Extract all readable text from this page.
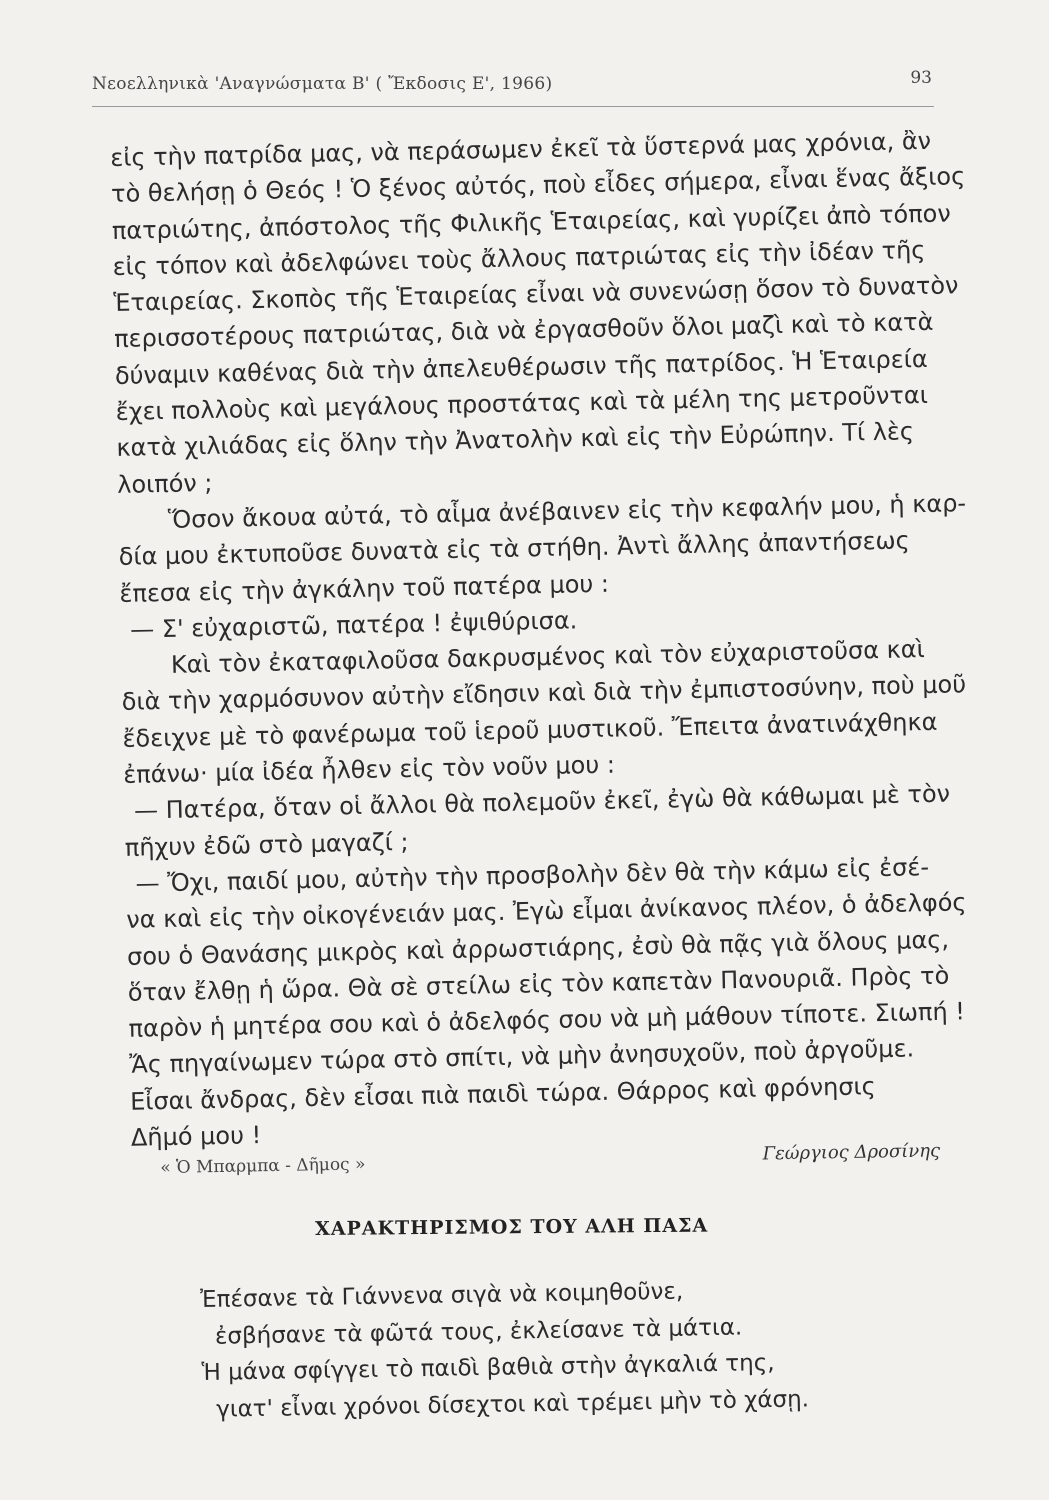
Νεοελληνικὰ 'Αναγνώσματα Β' ( Ἔκδοσις Ε', 1966)	93
εἰς τὴν πατρίδα μας, νὰ περάσωμεν ἐκεῖ τὰ ὕστερνά μας χρόνια, ἂν
τὸ θελήσῃ ὁ Θεός ! Ὁ ξένος αὐτός, ποὺ εἶδες σήμερα, εἶναι ἕνας ἄξιος
πατριώτης, ἀπόστολος τῆς Φιλικῆς Ἑταιρείας, καὶ γυρίζει ἀπὸ τόπον
εἰς τόπον καὶ ἀδελφώνει τοὺς ἄλλους πατριώτας εἰς τὴν ἰδέαν τῆς
Ἑταιρείας. Σκοπὸς τῆς Ἑταιρείας εἶναι νὰ συνενώσῃ ὅσον τὸ δυνατὸν
περισσοτέρους πατριώτας, διὰ νὰ ἐργασθοῦν ὅλοι μαζὶ καὶ τὸ κατὰ
δύναμιν καθένας διὰ τὴν ἀπελευθέρωσιν τῆς πατρίδος. Ἡ Ἑταιρεία
ἔχει πολλοὺς καὶ μεγάλους προστάτας καὶ τὰ μέλη της μετροῦνται
κατὰ χιλιάδας εἰς ὅλην τὴν Ἀνατολὴν καὶ εἰς τὴν Εὐρώπην. Τί λὲς
λοιπόν ;
Ὅσον ἄκουα αὐτά, τὸ αἷμα ἀνέβαινεν εἰς τὴν κεφαλήν μου, ἡ καρ-
δία μου ἐκτυποῦσε δυνατὰ εἰς τὰ στήθη. Ἀντὶ ἄλλης ἀπαντήσεως
ἔπεσα εἰς τὴν ἀγκάλην τοῦ πατέρα μου :
— Σ' εὐχαριστῶ, πατέρα ! ἐψιθύρισα.
Καὶ τὸν ἐκαταφιλοῦσα δακρυσμένος καὶ τὸν εὐχαριστοῦσα καὶ
διὰ τὴν χαρμόσυνον αὐτὴν εἴδησιν καὶ διὰ τὴν ἐμπιστοσύνην, ποὺ μοῦ
ἔδειχνε μὲ τὸ φανέρωμα τοῦ ἱεροῦ μυστικοῦ. Ἔπειτα ἀνατινάχθηκα
ἐπάνω· μία ἰδέα ἦλθεν εἰς τὸν νοῦν μου :
— Πατέρα, ὅταν οἱ ἄλλοι θὰ πολεμοῦν ἐκεῖ, ἐγὼ θὰ κάθωμαι μὲ τὸν
πῆχυν ἐδῶ στὸ μαγαζί ;
— Ὄχι, παιδί μου, αὐτὴν τὴν προσβολὴν δὲν θὰ τὴν κάμω εἰς ἐσέ-
να καὶ εἰς τὴν οἰκογένειάν μας. Ἐγὼ εἶμαι ἀνίκανος πλέον, ὁ ἀδελφός
σου ὁ Θανάσης μικρὸς καὶ ἀρρωστιάρης, ἐσὺ θὰ πᾷς γιὰ ὅλους μας,
ὅταν ἔλθῃ ἡ ὥρα. Θὰ σὲ στείλω εἰς τὸν καπετὰν Πανουριᾶ. Πρὸς τὸ
παρὸν ἡ μητέρα σου καὶ ὁ ἀδελφός σου νὰ μὴ μάθουν τίποτε. Σιωπή !
Ἄς πηγαίνωμεν τώρα στὸ σπίτι, νὰ μὴν ἀνησυχοῦν, ποὺ ἀργοῦμε.
Εἶσαι ἄνδρας, δὲν εἶσαι πιὰ παιδὶ τώρα. Θάρρος καὶ φρόνησις
Δῆμό μου !
« Ὁ Μπαρμπα - Δῆμος »
Γεώργιος Δροσίνης
ΧΑΡΑΚΤΗΡΙΣΜΟΣ ΤΟΥ ΑΛΗ ΠΑΣΑ
Ἐπέσανε τὰ Γιάννενα σιγὰ νὰ κοιμηθοῦνε,
ἐσβήσανε τὰ φῶτά τους, ἐκλείσανε τὰ μάτια.
Ἡ μάνα σφίγγει τὸ παιδὶ βαθιὰ στὴν ἀγκαλιά της,
γιατ' εἶναι χρόνοι δίσεχτοι καὶ τρέμει μὴν τὸ χάσῃ.
